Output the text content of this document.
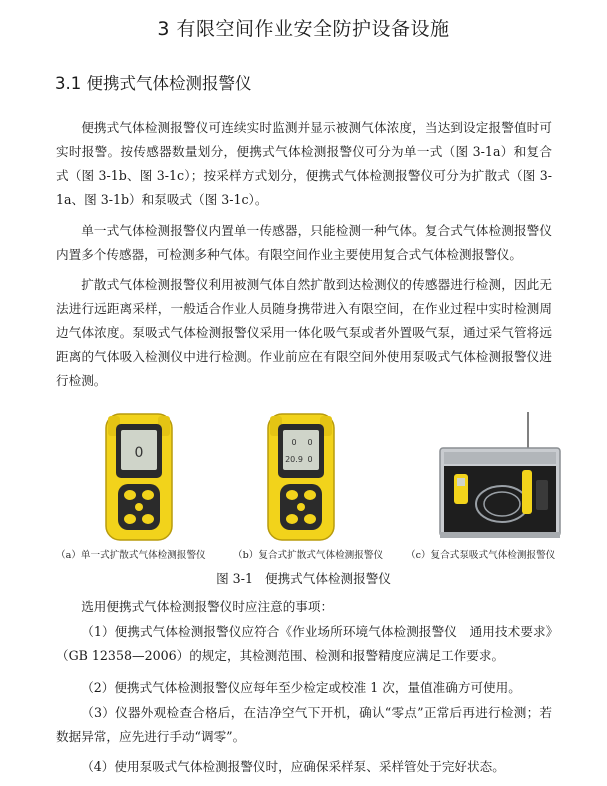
3 有限空间作业安全防护设备设施
3.1 便携式气体检测报警仪

便携式气体检测报警仪可连续实时监测并显示被测气体浓度，当达到设定报警值时可实时报警。按传感器数量划分，便携式气体检测报警仪可分为单一式（图 3-1a）和复合式（图 3-1b、图 3-1c）；按采样方式划分，便携式气体检测报警仪可分为扩散式（图 3-1a、图 3-1b）和泵吸式（图 3-1c）。

单一式气体检测报警仪内置单一传感器，只能检测一种气体。复合式气体检测报警仪内置多个传感器，可检测多种气体。有限空间作业主要使用复合式气体检测报警仪。

扩散式气体检测报警仪利用被测气体自然扩散到达检测仪的传感器进行检测，因此无法进行远距离采样，一般适合作业人员随身携带进入有限空间，在作业过程中实时检测周边气体浓度。泵吸式气体检测报警仪采用一体化吸气泵或者外置吸气泵，通过采气管将远距离的气体吸入检测仪中进行检测。作业前应在有限空间外使用泵吸式气体检测报警仪进行检测。

0
0 0
20.9 0
（a）单一式扩散式气体检测报警仪	（b）复合式扩散式气体检测报警仪 （c）复合式泵吸式气体检测报警仪
图 3-1 便携式气体检测报警仪

选用便携式气体检测报警仪时应注意的事项：

（1）便携式气体检测报警仪应符合《作业场所环境气体检测报警仪　通用技术要求》（GB 12358—2006）的规定，其检测范围、检测和报警精度应满足工作要求。

（2）便携式气体检测报警仪应每年至少检定或校准 1 次，量值准确方可使用。

（3）仪器外观检查合格后，在洁净空气下开机，确认“零点”正常后再进行检测；若数据异常，应先进行手动“调零”。

（4）使用泵吸式气体检测报警仪时，应确保采样泵、采样管处于完好状态。
